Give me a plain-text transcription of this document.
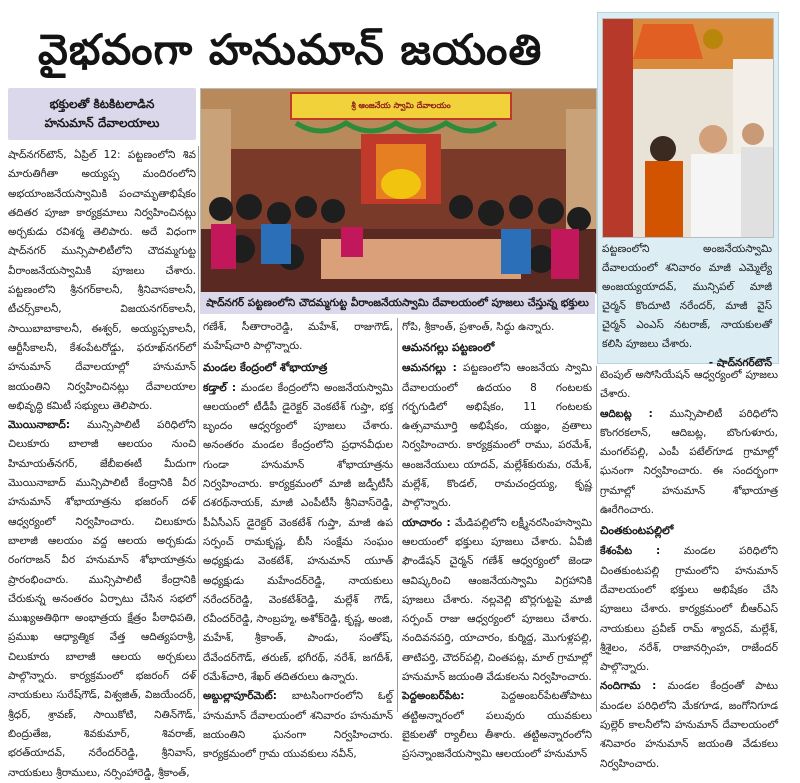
వైభవంగా హనుమాన్ జయంతి
భక్తులతో కిటకిటలాడిన
హనుమాన్ దేవాలయాలు
శ్రీ ఆంజనేయ స్వామి దేవాలయం
షాద్‌నగర్ పట్టణంలోని చౌదమ్మగుట్ట వీరాంజనేయస్వామి దేవాలయంలో పూజలు చేస్తున్న భక్తులు

పట్టణంలోని అంజనేయస్వామి దేవాలయంలో శనివారం మాజీ ఎమ్మెల్యే అంజయ్యయాదవ్, మున్సిపల్ మాజీ చైర్మన్ కొందూటి నరేందర్, మాజీ వైస్ చైర్మన్ ఎంఎస్ నటరాజ్, నాయకులతో కలిసి పూజలు చేశారు.

- షాద్‌నగర్‌టౌన్

షాద్‌నగర్‌టౌన్, ఏప్రిల్ 12: పట్టణంలోని శివ మారుతిగీతా అయ్యప్ప మందిరంలోని అభయాంజనేయస్వామికి పంచామృతాభిషేకం తదితర పూజా కార్యక్రమాలు నిర్వహించినట్లు అర్చకుడు రవిశర్మ తెలిపారు. అదే విధంగా షాద్‌నగర్ మున్సిపాలిటీలోని చౌదమ్మగుట్ట వీరాంజనేయస్వామికి పూజలు చేశారు. పట్టణంలోని శ్రీనగర్‌కాలనీ, శ్రీనివాసకాలనీ, టీచర్స్‌కాలనీ, విజయనగర్‌కాలనీ, సాయిబాబాకాలనీ, ఈశ్వర్, అయ్యప్పకాలనీ, ఆర్టీసీకాలనీ, కేశంపేటరోడ్డు, ఫరూఖ్‌నగర్‌లో హనుమాన్ దేవాలయాల్లో హనుమాన్ జయంతిని నిర్వహించినట్లు దేవాలయాల అభివృద్ధి కమిటీ సభ్యులు తెలిపారు.

మొయినాబాద్: మున్సిపాలిటీ పరిధిలోని చిలుకూరు బాలాజీ ఆలయం నుంచి హిమాయత్‌నగర్, జేబీఐఈటీ మీదుగా మొయినాబాద్ మున్సిపాలిటీ కేంద్రానికి వీర హనుమాన్ శోభాయాత్రను భజరంగ్ దళ్ ఆధ్వర్యంలో నిర్వహించారు. చిలుకూరు బాలాజీ ఆలయం వద్ద ఆలయ అర్చకుడు రంగరాజన్ వీర హనుమాన్ శోభాయాత్రను ప్రారంభించారు. మున్సిపాలిటీ కేంద్రానికి చేరుకున్న అనంతరం ఏర్పాటు చేసిన సభలో ముఖ్యఅతిథిగా అంభాత్రయ క్షేత్రం పీఠాధిపతి, ప్రముఖ ఆధ్యాత్మిక వేత్త ఆదిత్యపరాశ్రీ, చిలుకూరు బాలాజీ ఆలయ అర్చకులు పాల్గొన్నారు. కార్యక్రమంలో భజరంగ్ దళ్ నాయకులు సురేష్‌గౌడ్, విశ్వజిత్, విజయేందర్, శ్రీధర్, శ్రావణ్, సాయికోటి, నితిన్‌గౌడ్, బింద్రుతేజ, శివకుమార్, శివరాజ్, భరత్‌యాదవ్, నరేందర్‌రెడ్డి, శ్రీనివాస్, నాయకులు శ్రీరాములు, నర్సింహారెడ్డి, శ్రీకాంత్,

గణేశ్, సీతారాంరెడ్డి, మహేశ్, రాజుగౌడ్, మహేష్‌చారి పాల్గొన్నారు.

మండల కేంద్రంలో శోభాయాత్ర

కడ్తాల్ : మండల కేంద్రంలోని అంజనేయస్వామి ఆలయంలో టీడీపీ డైరెక్టర్ వెంకటేశ్ గుప్తా, భక్త బృందం ఆధ్వర్యంలో పూజలు చేశారు. అనంతరం మండల కేంద్రంలోని ప్రధానవీధుల గుండా హనుమాన్ శోభాయాత్రను నిర్వహించారు. కార్యక్రమంలో మాజీ జడ్పీటీసీ దశరథ్‌నాయక్, మాజీ ఎంపీటీసీ శ్రీనివాస్‌రెడ్డి, పీఏసీఎస్ డైరెక్టర్ వెంకటేశ్ గుప్తా, మాజీ ఉప సర్పంచ్ రామకృష్ణ, బీసీ సంక్షేమ సంఘం అధ్యక్షుడు వెంకటేశ్, హనుమాన్ యూత్ అధ్యక్షుడు మహేందర్‌రెడ్డి, నాయకులు నరేందర్‌రెడ్డి, వెంకటేశ్‌రెడ్డి, మల్లేశ్ గౌడ్, రవీందర్‌రెడ్డి, సాంబ్రహ్మ, అశోక్‌రెడ్డి, కృష్ణ, అంజి, మహేశ్, శ్రీకాంత్, పాండు, సంతోష్, దేవేందర్‌గౌడ్, తరుణ్, భగీరథ్, నరేశ్, జగదీశ్, రమేశ్‌చారి, శేఖర్ తదితరులు ఉన్నారు.

అబ్దుల్లాపూర్‌మెట్: బాటసింగారంలోని ఓల్డ్ హనుమాన్ దేవాలయంలో శనివారం హనుమాన్ జయంతిని ఘనంగా నిర్వహించారు. కార్యక్రమంలో గ్రామ యువకులు నవీన్,

గోపి, శ్రీకాంత్, ప్రశాంత్, సిద్ధు ఉన్నారు.

ఆమనగల్లు పట్టణంలో

ఆమనగల్లు : పట్టణంలోని ఆంజనేయ స్వామి దేవాలయంలో ఉదయం 8 గంటలకు గర్భగుడిలో అభిషేకం, 11 గంటలకు ఉత్సవామూర్తి అభిషేకం, యజ్ఞం, వ్రతాలు నిర్వహించారు. కార్యక్రమంలో రాము, పరమేశ్, ఆంజనేయులు యాదవ్, మల్లేశ్‌కురుమ, రమేశ్, మల్లేశ్, కొండల్, రామచంద్రయ్య, కృష్ణ పాల్గొన్నారు.

యాచారం : మేడిపల్లిలోని లక్ష్మీనరసింహస్వామి ఆలయంలో భక్తులు పూజలు చేశారు. ఏవీజీ ఫౌండేషన్ చైర్మన్ గణేశ్ ఆధ్వర్యంలో జెండా ఆవిష్కరించి ఆంజనేయస్వామి విగ్రహానికి పూజలు చేశారు. నల్లవెల్లి బొర్లగుట్టపై మాజీ సర్పంచ్ రాజు ఆధ్వర్యంలో పూజలు చేశారు. నందివనపర్తి, యాచారం, కుర్మిద్ద, మొగుళ్లపల్లి, తాటిపర్తి, చౌదర్‌పల్లి, చింతపట్ల, మాల్ గ్రామాల్లో హనుమాన్ జయంతి వేడుకలను నిర్వహించారు.

పెద్దఅంబర్‌పేట:	పెద్దఅంబర్‌పేటతోపాటు తట్టిఅన్నారంలో పలువురు యువకులు బైకులతో ర్యాలీలు తీశారు. తట్టిఅన్నారంలోని ప్రసన్నాంజనేయస్వామి ఆలయంలో హనుమాన్

టెంపుల్ అసోసియేషన్ ఆధ్వర్యంలో పూజలు చేశారు.

ఆదిబట్ల : మున్సిపాలిటీ పరిధిలోని కొంగరకలాన్, ఆదిబట్ల, బొంగుళూరు, మంగల్‌పల్లి, ఎంపీ పటేల్‌గూడ గ్రామాల్లో ఘనంగా నిర్వహించారు. ఈ సందర్భంగా గ్రామాల్లో హనుమాన్ శోభాయాత్ర ఊరేగించారు.

చింతకుంటపల్లిలో

కేశంపేట : మండల పరిధిలోని చింతకుంటపల్లి గ్రామంలోని హనుమాన్ దేవాలయంలో భక్తులు అభిషేకం చేసి పూజలు చేశారు. కార్యక్రమంలో బీఆర్‌ఎస్ నాయకులు ప్రవీణ్ రామ్ శ్యాదవ్, మల్లేశ్, శ్రీశైలం, నరేశ్, రాజానర్సింహ, రాజేందర్ పాల్గొన్నారు.

నందిగామ : మండల కేంద్రంతో పాటు మండల పరిధిలోని మేకగూడ, జంగోనిగూడ పుల్లెర్ కాలనీలోని హనుమాన్ దేవాలయంలో శనివారం హనుమాన్ జయంతి వేడుకలు నిర్వహించారు.
